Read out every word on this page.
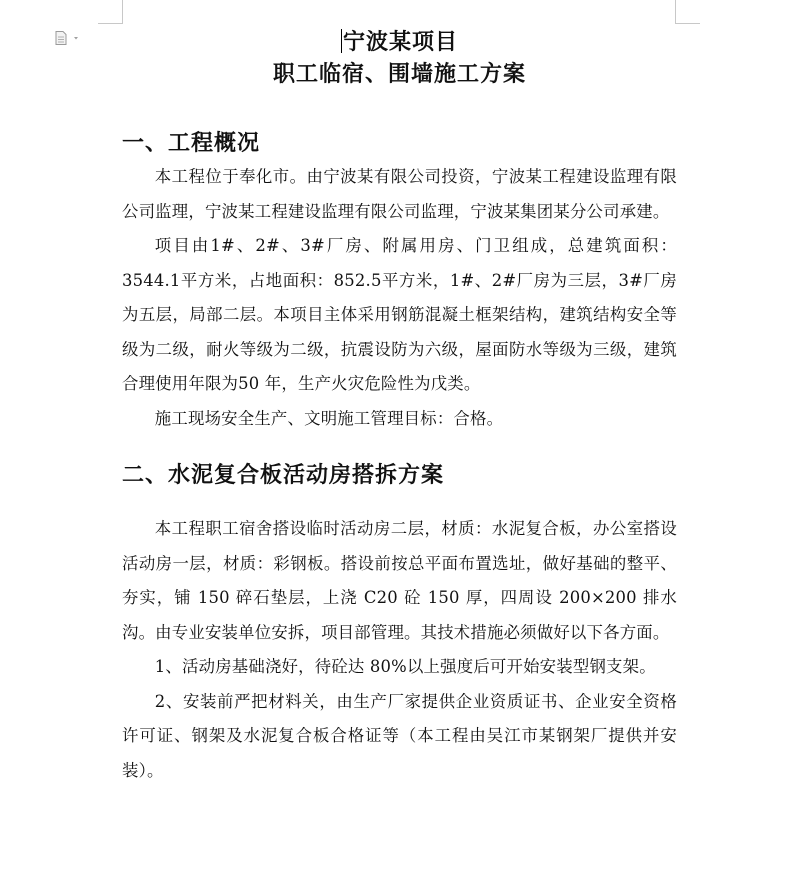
宁波某项目
职工临宿、围墙施工方案
一、工程概况

本工程位于奉化市。由宁波某有限公司投资，宁波某工程建设监理有限公司监理，宁波某工程建设监理有限公司监理，宁波某集团某分公司承建。

项目由1#、2#、3#厂房、附属用房、门卫组成，总建筑面积：3544.1平方米，占地面积：852.5平方米，1#、2#厂房为三层，3#厂房为五层，局部二层。本项目主体采用钢筋混凝土框架结构，建筑结构安全等级为二级，耐火等级为二级，抗震设防为六级，屋面防水等级为三级，建筑合理使用年限为50 年，生产火灾危险性为戊类。

施工现场安全生产、文明施工管理目标：合格。

二、水泥复合板活动房搭拆方案

本工程职工宿舍搭设临时活动房二层，材质：水泥复合板，办公室搭设活动房一层，材质：彩钢板。搭设前按总平面布置选址，做好基础的整平、夯实，铺 150 碎石垫层，上浇 C20 砼 150 厚，四周设 200×200 排水沟。由专业安装单位安拆，项目部管理。其技术措施必须做好以下各方面。

1、活动房基础浇好，待砼达 80%以上强度后可开始安装型钢支架。

2、安装前严把材料关，由生产厂家提供企业资质证书、企业安全资格许可证、钢架及水泥复合板合格证等（本工程由吴江市某钢架厂提供并安装）。
